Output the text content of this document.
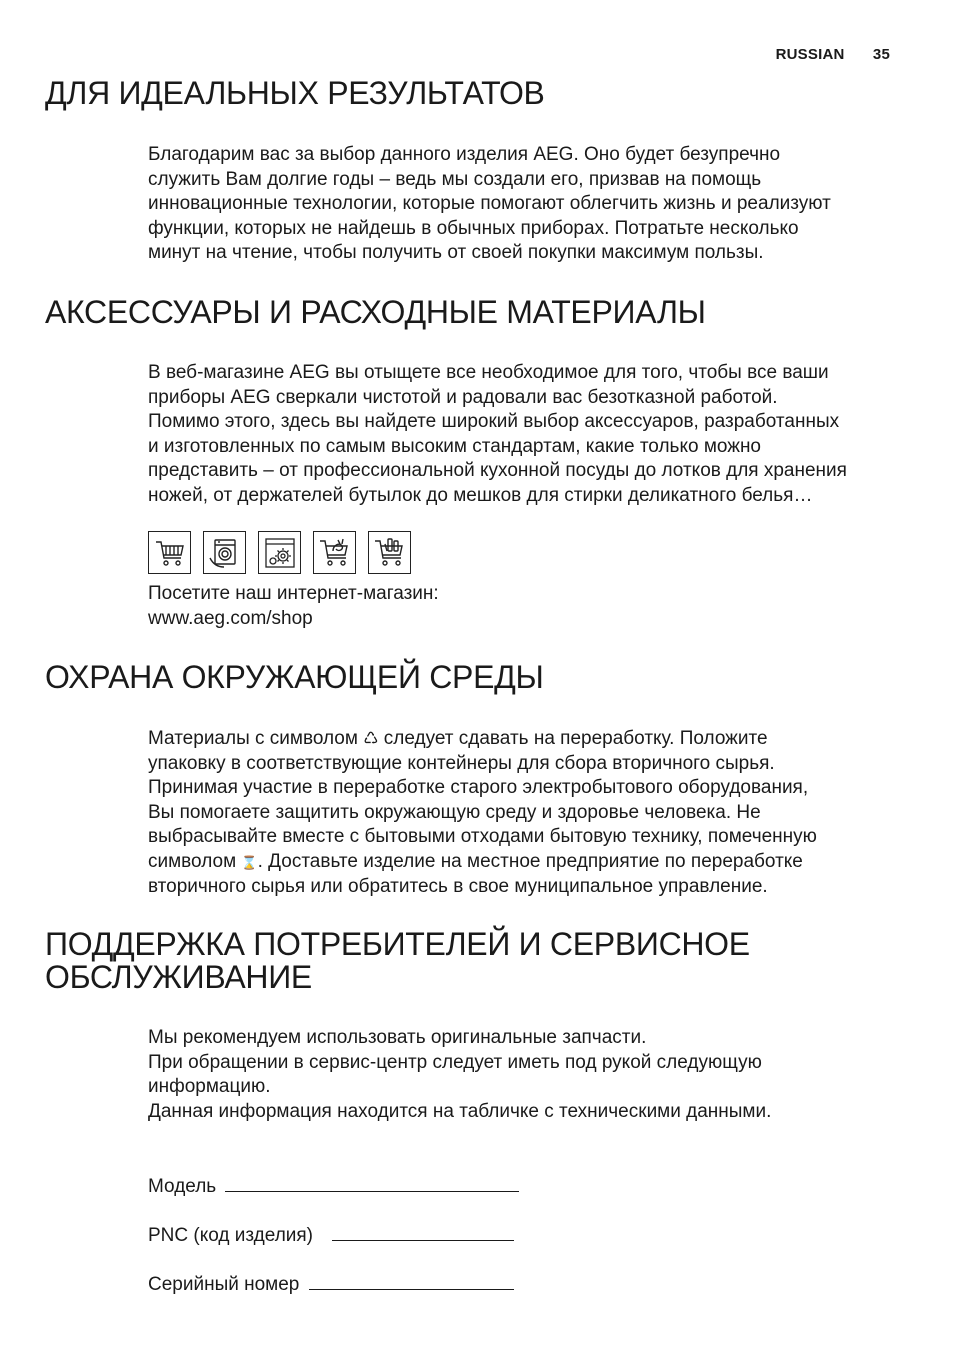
RUSSIAN 35
ДЛЯ ИДЕАЛЬНЫХ РЕЗУЛЬТАТОВ
Благодарим вас за выбор данного изделия AEG. Оно будет безупречно
служить Вам долгие годы – ведь мы создали его, призвав на помощь
инновационные технологии, которые помогают облегчить жизнь и реализуют
функции, которых не найдешь в обычных приборах. Потратьте несколько
минут на чтение, чтобы получить от своей покупки максимум пользы.
АКСЕССУАРЫ И РАСХОДНЫЕ МАТЕРИАЛЫ
В веб-магазине AEG вы отыщете все необходимое для того, чтобы все ваши
приборы AEG сверкали чистотой и радовали вас безотказной работой.
Помимо этого, здесь вы найдете широкий выбор аксессуаров, разработанных
и изготовленных по самым высоким стандартам, какие только можно
представить – от профессиональной кухонной посуды до лотков для хранения
ножей, от держателей бутылок до мешков для стирки деликатного белья…
Посетите наш интернет-магазин:
www.aeg.com/shop
ОХРАНА ОКРУЖАЮЩЕЙ СРЕДЫ
Материалы с символом ♺ следует сдавать на переработку. Положите
упаковку в соответствующие контейнеры для сбора вторичного сырья.
Принимая участие в переработке старого электробытового оборудования,
Вы помогаете защитить окружающую среду и здоровье человека. Не
выбрасывайте вместе с бытовыми отходами бытовую технику, помеченную
символом ⌛. Доставьте изделие на местное предприятие по переработке
вторичного сырья или обратитесь в свое муниципальное управление.
ПОДДЕРЖКА ПОТРЕБИТЕЛЕЙ И СЕРВИСНОЕ
ОБСЛУЖИВАНИЕ
Мы рекомендуем использовать оригинальные запчасти.
При обращении в сервис-центр следует иметь под рукой следующую
информацию.
Данная информация находится на табличке с техническими данными.
Модель
PNC (код изделия)
Серийный номер
